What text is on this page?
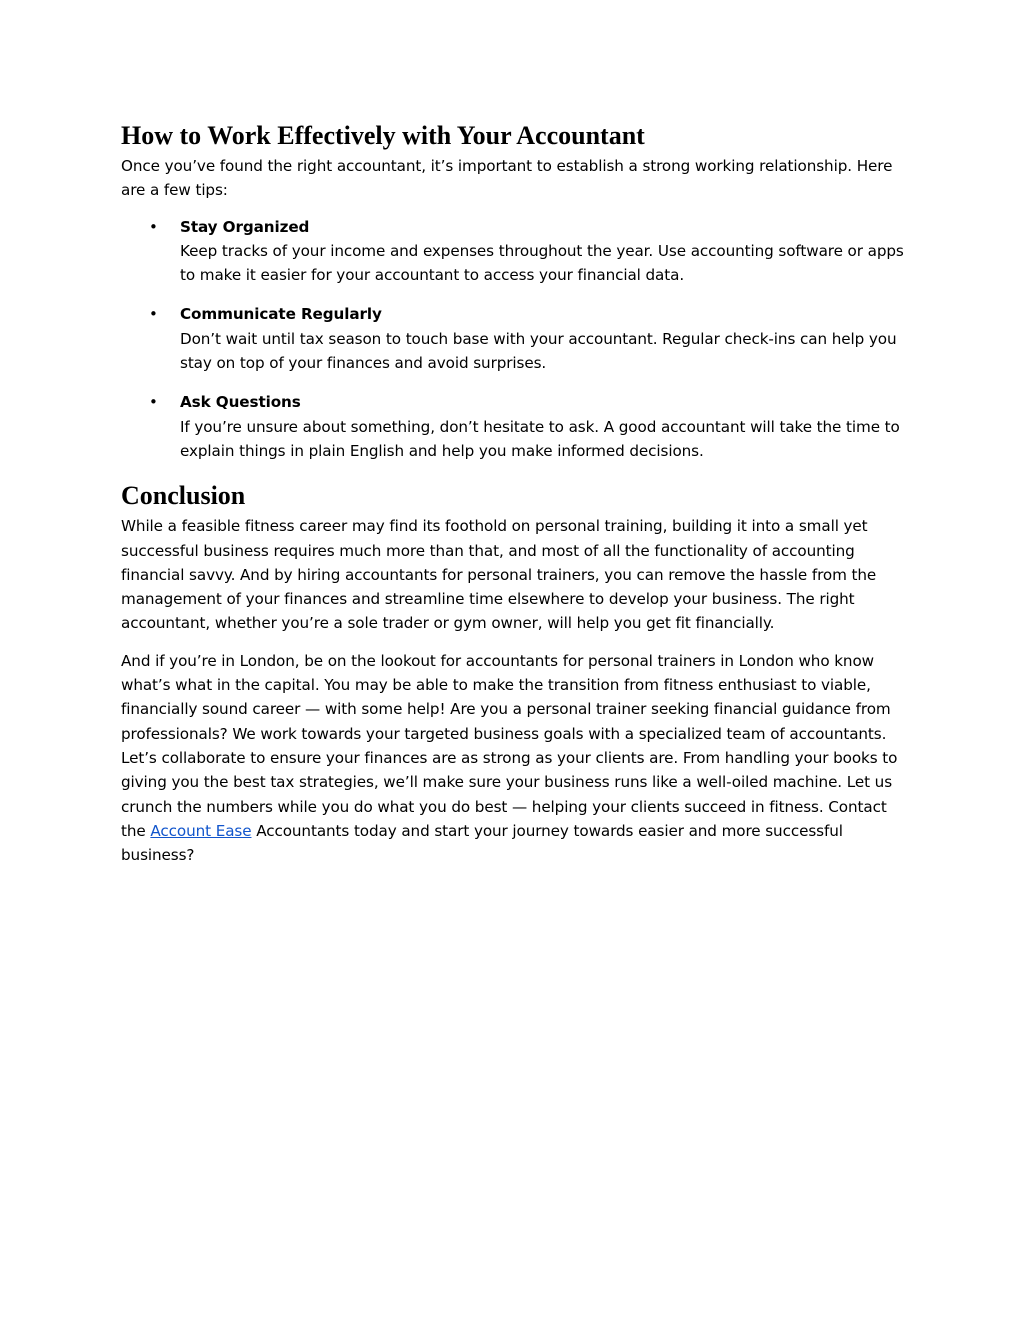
How to Work Effectively with Your Accountant

Once you’ve found the right accountant, it’s important to establish a strong working relationship. Here are a few tips:

• Stay Organized
Keep tracks of your income and expenses throughout the year. Use accounting software or apps to make it easier for your accountant to access your financial data.
• Communicate Regularly
Don’t wait until tax season to touch base with your accountant. Regular check-ins can help you stay on top of your finances and avoid surprises.
• Ask Questions
If you’re unsure about something, don’t hesitate to ask. A good accountant will take the time to explain things in plain English and help you make informed decisions.
Conclusion

While a feasible fitness career may find its foothold on personal training, building it into a small yet successful business requires much more than that, and most of all the functionality of accounting financial savvy. And by hiring accountants for personal trainers, you can remove the hassle from the management of your finances and streamline time elsewhere to develop your business. The right accountant, whether you’re a sole trader or gym owner, will help you get fit financially.

And if you’re in London, be on the lookout for accountants for personal trainers in London who know what’s what in the capital. You may be able to make the transition from fitness enthusiast to viable, financially sound career — with some help! Are you a personal trainer seeking financial guidance from professionals? We work towards your targeted business goals with a specialized team of accountants. Let’s collaborate to ensure your finances are as strong as your clients are. From handling your books to giving you the best tax strategies, we’ll make sure your business runs like a well-oiled machine. Let us crunch the numbers while you do what you do best — helping your clients succeed in fitness. Contact the Account Ease Accountants today and start your journey towards easier and more successful business?
